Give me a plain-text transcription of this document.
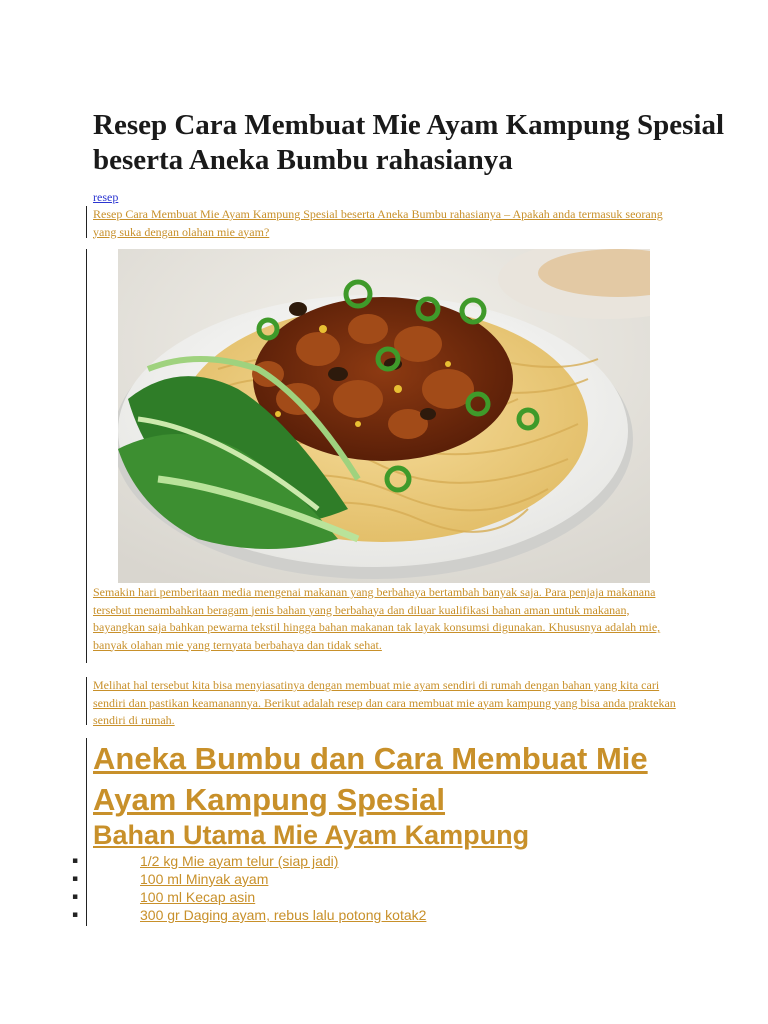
Resep Cara Membuat Mie Ayam Kampung Spesial beserta Aneka Bumbu rahasianya
resep
Resep Cara Membuat Mie Ayam Kampung Spesial beserta Aneka Bumbu rahasianya – Apakah anda termasuk seorang yang suka dengan olahan mie ayam?
Semakin hari pemberitaan media mengenai makanan yang berbahaya bertambah banyak saja. Para penjaja makanana tersebut menambahkan beragam jenis bahan yang berbahaya dan diluar kualifikasi bahan aman untuk makanan, bayangkan saja bahkan pewarna tekstil hingga bahan makanan tak layak konsumsi digunakan. Khususnya adalah mie, banyak olahan mie yang ternyata berbahaya dan tidak sehat.
Melihat hal tersebut kita bisa menyiasatinya dengan membuat mie ayam sendiri di rumah dengan bahan yang kita cari sendiri dan pastikan keamanannya. Berikut adalah resep dan cara membuat mie ayam kampung yang bisa anda praktekan sendiri di rumah.
Aneka Bumbu dan Cara Membuat Mie Ayam Kampung Spesial
Bahan Utama Mie Ayam Kampung
▪	1/2 kg Mie ayam telur (siap jadi)
▪	100 ml Minyak ayam
▪	100 ml Kecap asin
▪	300 gr Daging ayam, rebus lalu potong kotak2
